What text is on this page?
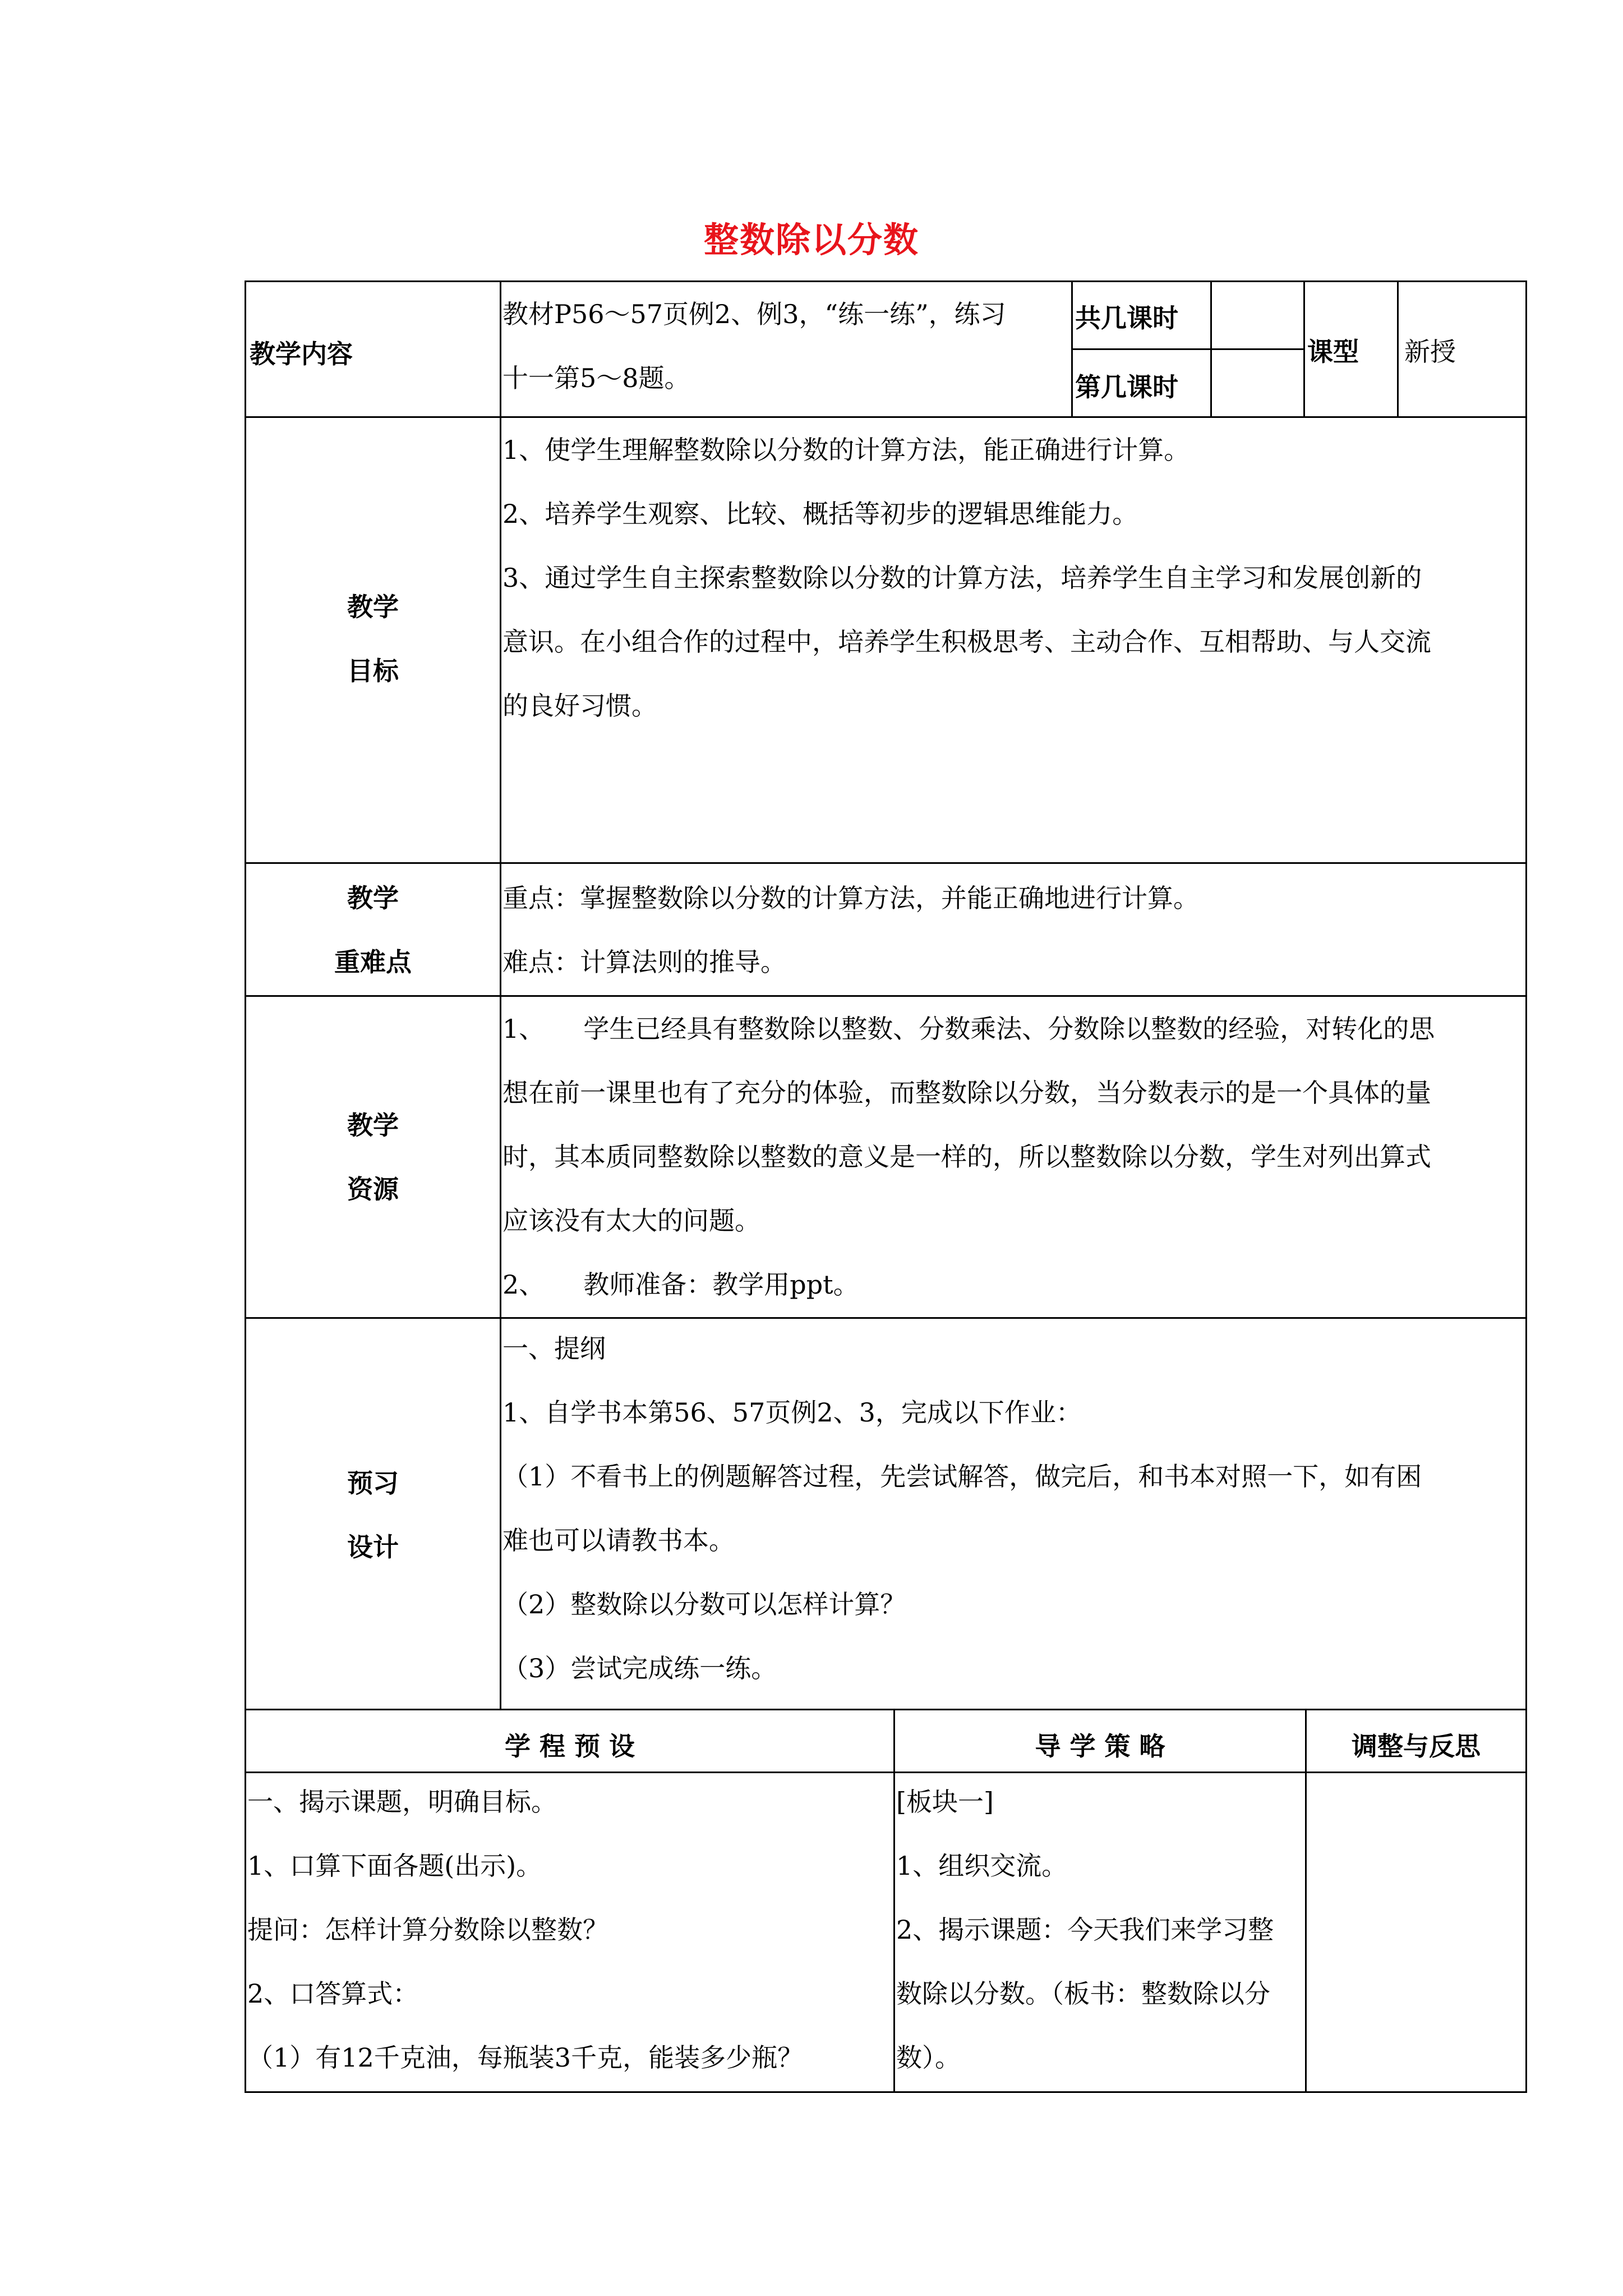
整数除以分数
教学内容
教材P56～57页例2、例3，“练一练”，练习
十一第5～8题。
共几课时
第几课时
课型 新授
教学
目标
1、使学生理解整数除以分数的计算方法，能正确进行计算。
2、培养学生观察、比较、概括等初步的逻辑思维能力。
3、通过学生自主探索整数除以分数的计算方法，培养学生自主学习和发展创新的
意识。在小组合作的过程中，培养学生积极思考、主动合作、互相帮助、与人交流
的良好习惯。
教学
重难点
重点：掌握整数除以分数的计算方法，并能正确地进行计算。
难点：计算法则的推导。
教学
资源
1、　　学生已经具有整数除以整数、分数乘法、分数除以整数的经验，对转化的思
想在前一课里也有了充分的体验，而整数除以分数，当分数表示的是一个具体的量
时，其本质同整数除以整数的意义是一样的，所以整数除以分数，学生对列出算式
应该没有太大的问题。
2、　　教师准备：教学用ppt。
预习
设计
一、提纲
1、自学书本第56、57页例2、3，完成以下作业：
（1）不看书上的例题解答过程，先尝试解答，做完后，和书本对照一下，如有困
难也可以请教书本。
（2）整数除以分数可以怎样计算？
（3）尝试完成练一练。
学 程 预 设	导 学 策 略	调整与反思
一、揭示课题，明确目标。
1、口算下面各题(出示)。
提问：怎样计算分数除以整数？
2、口答算式：
（1）有12千克油，每瓶装3千克，能装多少瓶？
[板块一]
1、组织交流。
2、揭示课题：今天我们来学习整
数除以分数。（板书：整数除以分
数）。
